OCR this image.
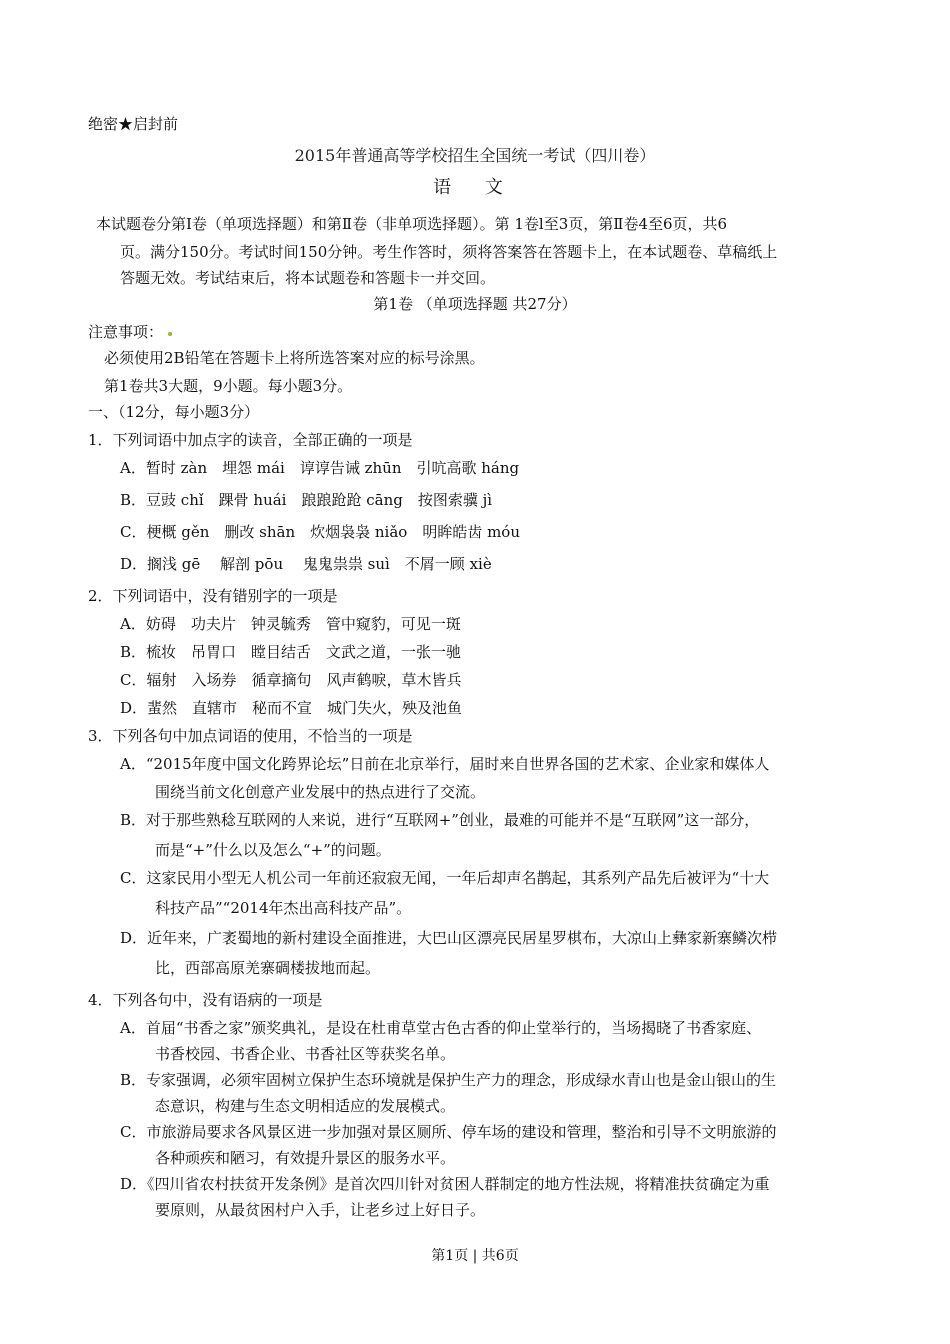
绝密★启封前
2015年普通高等学校招生全国统一考试（四川卷）
语 文
本试题卷分第Ⅰ卷（单项选择题）和第Ⅱ卷（非单项选择题）。第 1卷l至3页，第Ⅱ卷4至6页，共6
页。满分150分。考试时间150分钟。考生作答时，须将答案答在答题卡上，在本试题卷、草稿纸上
答题无效。考试结束后，将本试题卷和答题卡一并交回。
第1卷 （单项选择题 共27分）
注意事项：
必须使用2B铅笔在答题卡上将所选答案对应的标号涂黑。
第1卷共3大题，9小题。每小题3分。
一、（12分，每小题3分）
1．下列词语中加点字的读音，全部正确的一项是
A．暂时 zàn　埋怨 mái　谆谆告诫 zhūn　引吭高歌 háng
B．豆豉 chǐ　踝骨 huái　踉踉跄跄 cāng　按图索骥 jì
C．梗概 gěn　删改 shān　炊烟袅袅 niǎo　明眸皓齿 móu
D．搁浅 gē　 解剖 pōu　 鬼鬼祟祟 suì　不屑一顾 xiè
2．下列词语中，没有错别字的一项是
A．妨碍　功夫片　钟灵毓秀　管中窥豹，可见一斑
B．梳妆　吊胃口　瞠目结舌　文武之道，一张一驰
C．辐射　入场券　循章摘句　风声鹤唳，草木皆兵
D．蜚然　直辖市　秘而不宣　城门失火，殃及池鱼
3．下列各句中加点词语的使用，不恰当的一项是
A．“2015年度中国文化跨界论坛”日前在北京举行，届时来自世界各国的艺术家、企业家和媒体人
围绕当前文化创意产业发展中的热点进行了交流。
B．对于那些熟稔互联网的人来说，进行“互联网+”创业，最难的可能并不是“互联网”这一部分，
而是“+”什么以及怎么“+”的问题。
C．这家民用小型无人机公司一年前还寂寂无闻，一年后却声名鹊起，其系列产品先后被评为“十大
科技产品”“2014年杰出高科技产品”。
D．近年来，广袤蜀地的新村建设全面推进，大巴山区漂亮民居星罗棋布，大凉山上彝家新寨鳞次栉
比，西部高原羌寨碉楼拔地而起。
4．下列各句中，没有语病的一项是
A．首届“书香之家”颁奖典礼，是设在杜甫草堂古色古香的仰止堂举行的，当场揭晓了书香家庭、
书香校园、书香企业、书香社区等获奖名单。
B．专家强调，必须牢固树立保护生态环境就是保护生产力的理念，形成绿水青山也是金山银山的生
态意识，构建与生态文明相适应的发展模式。
C．市旅游局要求各风景区进一步加强对景区厕所、停车场的建设和管理，整治和引导不文明旅游的
各种顽疾和陋习，有效提升景区的服务水平。
D．《四川省农村扶贫开发条例》是首次四川针对贫困人群制定的地方性法规，将精准扶贫确定为重
要原则，从最贫困村户入手，让老乡过上好日子。
第1页 | 共6页
